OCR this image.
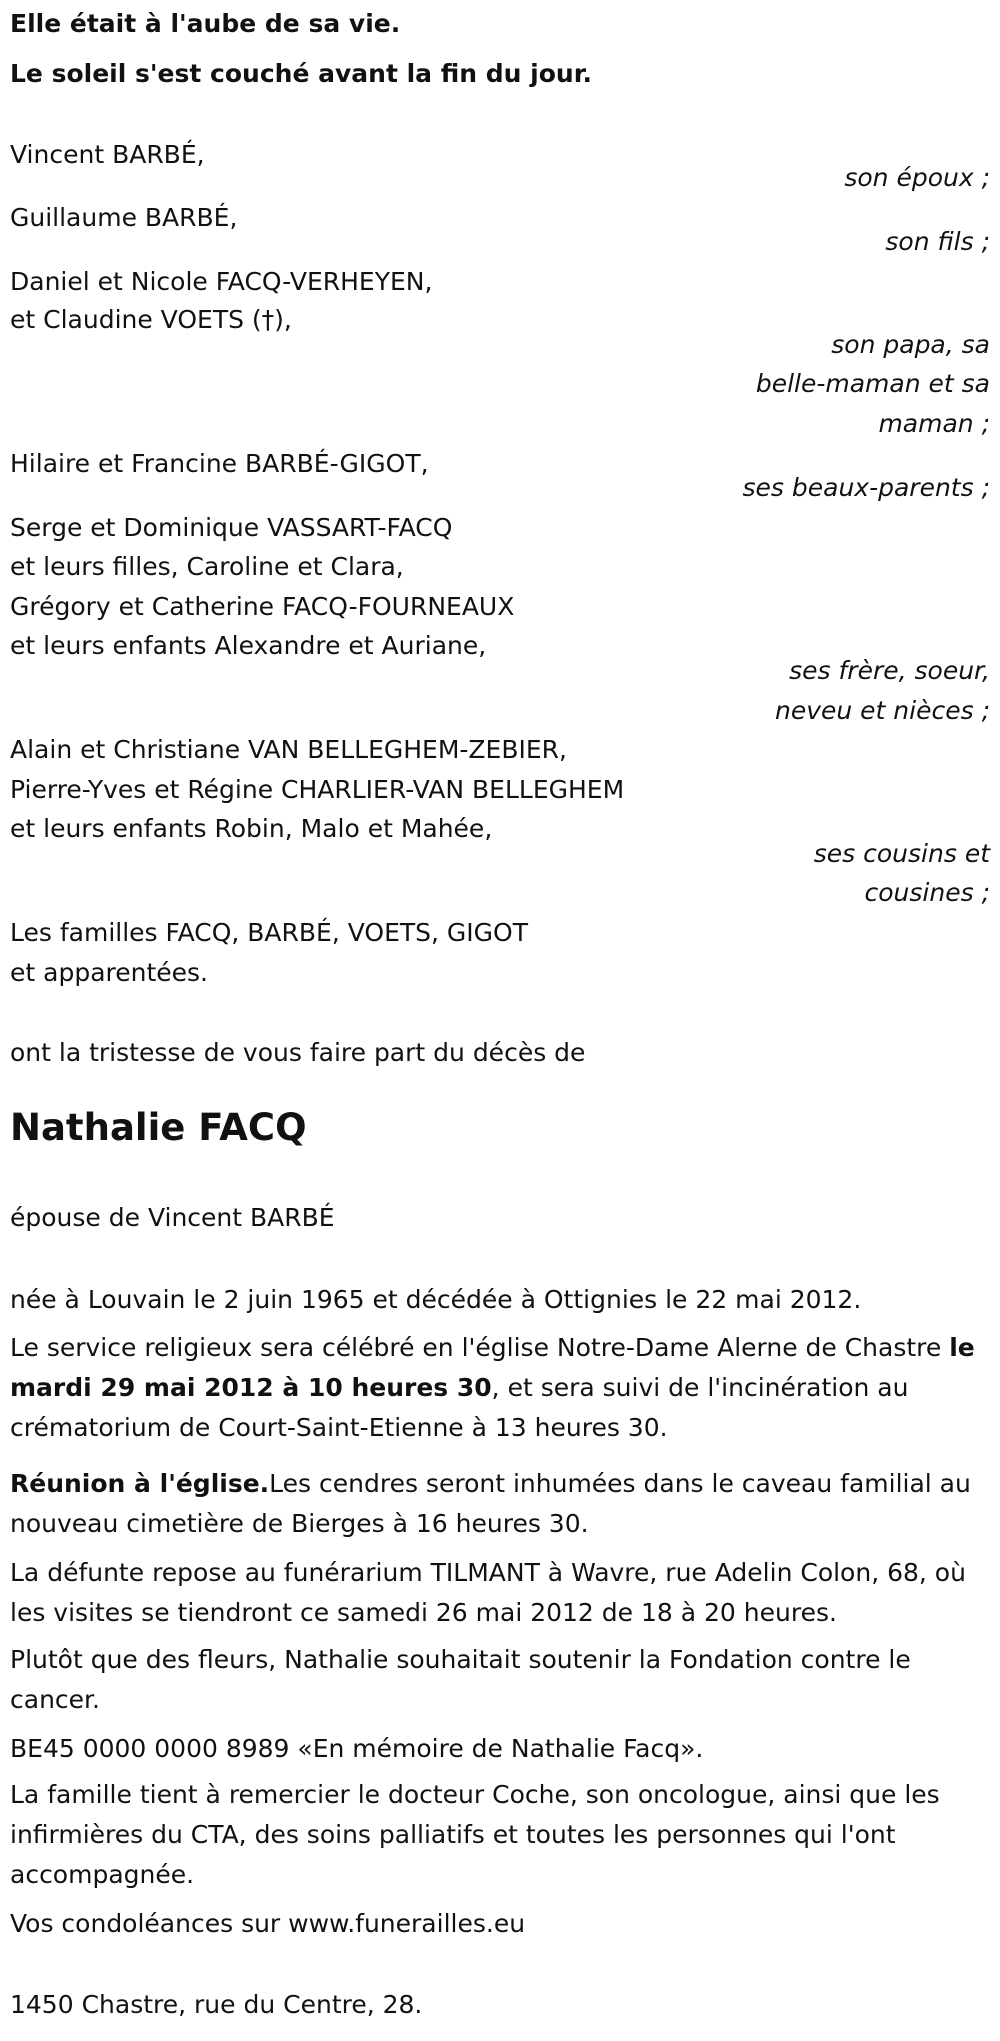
Elle était à l'aube de sa vie.

Le soleil s'est couché avant la fin du jour.

Vincent BARBÉ,

son époux ;

Guillaume BARBÉ,

son fils ;

Daniel et Nicole FACQ-VERHEYEN,

et Claudine VOETS (†),

son papa, sa

belle-maman et sa

maman ;

Hilaire et Francine BARBÉ-GIGOT,

ses beaux-parents ;

Serge et Dominique VASSART-FACQ

et leurs filles, Caroline et Clara,

Grégory et Catherine FACQ-FOURNEAUX

et leurs enfants Alexandre et Auriane,

ses frère, soeur,

neveu et nièces ;

Alain et Christiane VAN BELLEGHEM-ZEBIER,

Pierre-Yves et Régine CHARLIER-VAN BELLEGHEM

et leurs enfants Robin, Malo et Mahée,

ses cousins et

cousines ;

Les familles FACQ, BARBÉ, VOETS, GIGOT

et apparentées.

ont la tristesse de vous faire part du décès de

Nathalie FACQ

épouse de Vincent BARBÉ

née à Louvain le 2 juin 1965 et décédée à Ottignies le 22 mai 2012.

Le service religieux sera célébré en l'église Notre-Dame Alerne de Chastre le mardi 29 mai 2012 à 10 heures 30, et sera suivi de l'incinération au crématorium de Court-Saint-Etienne à 13 heures 30.

Réunion à l'église.Les cendres seront inhumées dans le caveau familial au nouveau cimetière de Bierges à 16 heures 30.

La défunte repose au funérarium TILMANT à Wavre, rue Adelin Colon, 68, où les visites se tiendront ce samedi 26 mai 2012 de 18 à 20 heures.

Plutôt que des fleurs, Nathalie souhaitait soutenir la Fondation contre le cancer.

BE45 0000 0000 8989 «En mémoire de Nathalie Facq».

La famille tient à remercier le docteur Coche, son oncologue, ainsi que les infirmières du CTA, des soins palliatifs et toutes les personnes qui l'ont accompagnée.

Vos condoléances sur www.funerailles.eu

1450 Chastre, rue du Centre, 28.
